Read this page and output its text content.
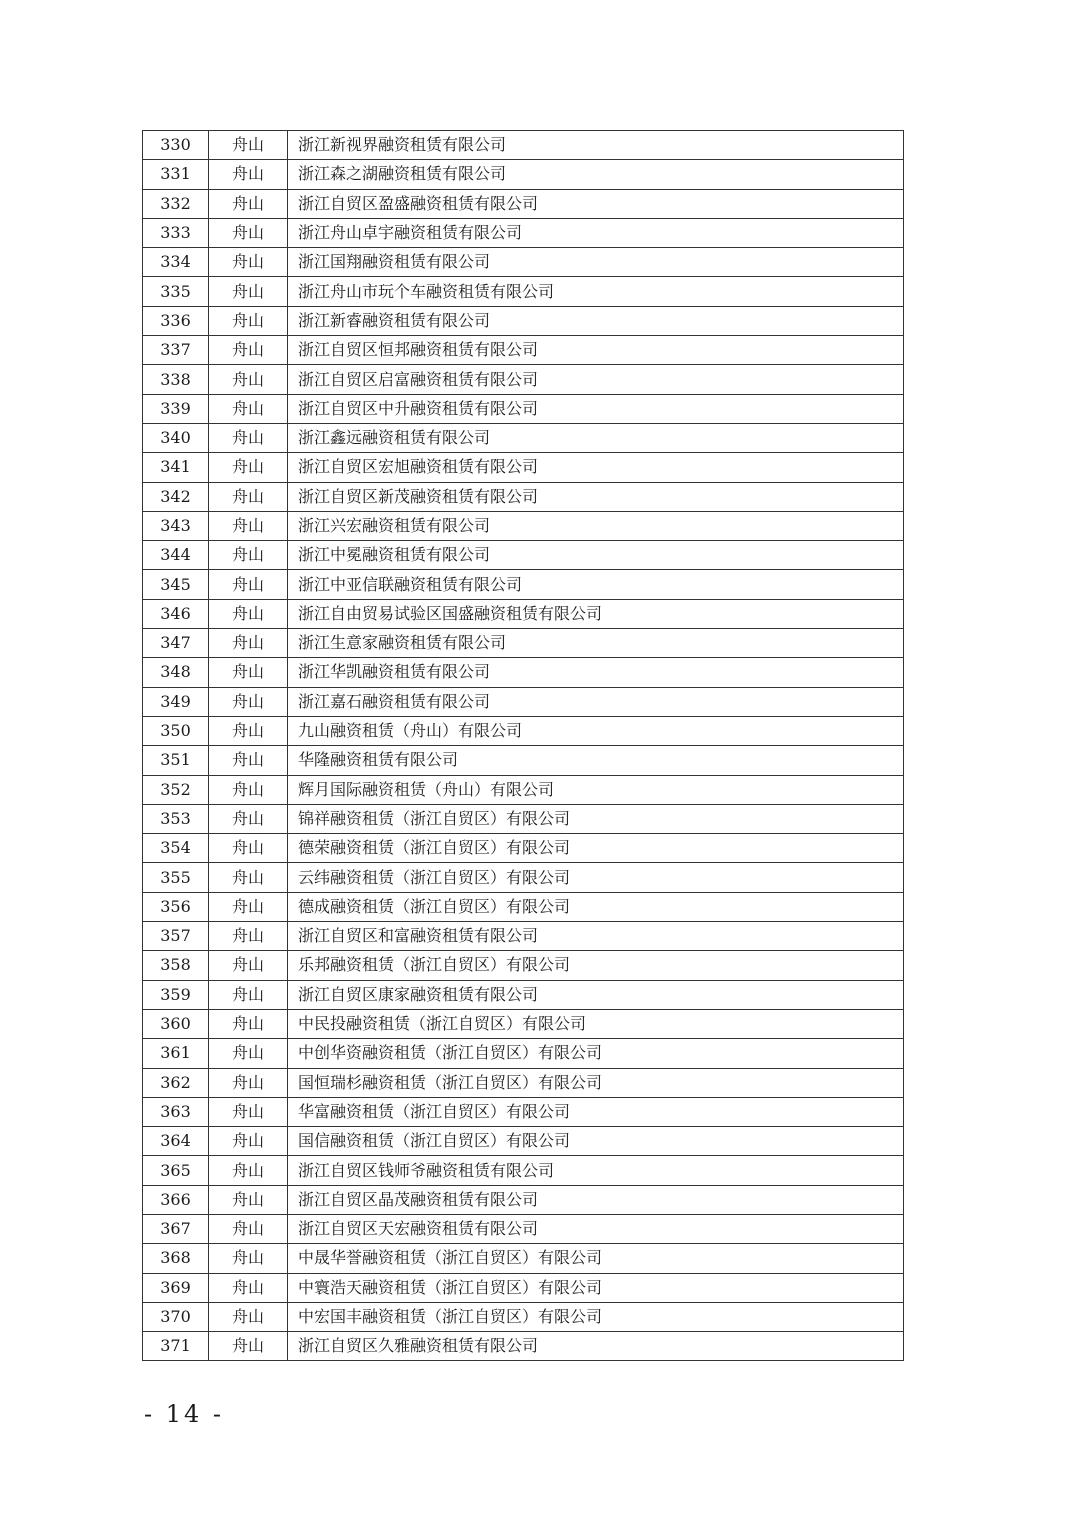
330	舟山	浙江新视界融资租赁有限公司
331	舟山	浙江森之湖融资租赁有限公司
332	舟山	浙江自贸区盈盛融资租赁有限公司
333	舟山	浙江舟山卓宇融资租赁有限公司
334	舟山	浙江国翔融资租赁有限公司
335	舟山	浙江舟山市玩个车融资租赁有限公司
336	舟山	浙江新睿融资租赁有限公司
337	舟山	浙江自贸区恒邦融资租赁有限公司
338	舟山	浙江自贸区启富融资租赁有限公司
339	舟山	浙江自贸区中升融资租赁有限公司
340	舟山	浙江鑫远融资租赁有限公司
341	舟山	浙江自贸区宏旭融资租赁有限公司
342	舟山	浙江自贸区新茂融资租赁有限公司
343	舟山	浙江兴宏融资租赁有限公司
344	舟山	浙江中冕融资租赁有限公司
345	舟山	浙江中亚信联融资租赁有限公司
346	舟山	浙江自由贸易试验区国盛融资租赁有限公司
347	舟山	浙江生意家融资租赁有限公司
348	舟山	浙江华凯融资租赁有限公司
349	舟山	浙江嘉石融资租赁有限公司
350	舟山	九山融资租赁（舟山）有限公司
351	舟山	华隆融资租赁有限公司
352	舟山	辉月国际融资租赁（舟山）有限公司
353	舟山	锦祥融资租赁（浙江自贸区）有限公司
354	舟山	德荣融资租赁（浙江自贸区）有限公司
355	舟山	云纬融资租赁（浙江自贸区）有限公司
356	舟山	德成融资租赁（浙江自贸区）有限公司
357	舟山	浙江自贸区和富融资租赁有限公司
358	舟山	乐邦融资租赁（浙江自贸区）有限公司
359	舟山	浙江自贸区康家融资租赁有限公司
360	舟山	中民投融资租赁（浙江自贸区）有限公司
361	舟山	中创华资融资租赁（浙江自贸区）有限公司
362	舟山	国恒瑞杉融资租赁（浙江自贸区）有限公司
363	舟山	华富融资租赁（浙江自贸区）有限公司
364	舟山	国信融资租赁（浙江自贸区）有限公司
365	舟山	浙江自贸区钱师爷融资租赁有限公司
366	舟山	浙江自贸区晶茂融资租赁有限公司
367	舟山	浙江自贸区天宏融资租赁有限公司
368	舟山	中晟华誉融资租赁（浙江自贸区）有限公司
369	舟山	中寰浩天融资租赁（浙江自贸区）有限公司
370	舟山	中宏国丰融资租赁（浙江自贸区）有限公司
371	舟山	浙江自贸区久雅融资租赁有限公司
- 14 -
